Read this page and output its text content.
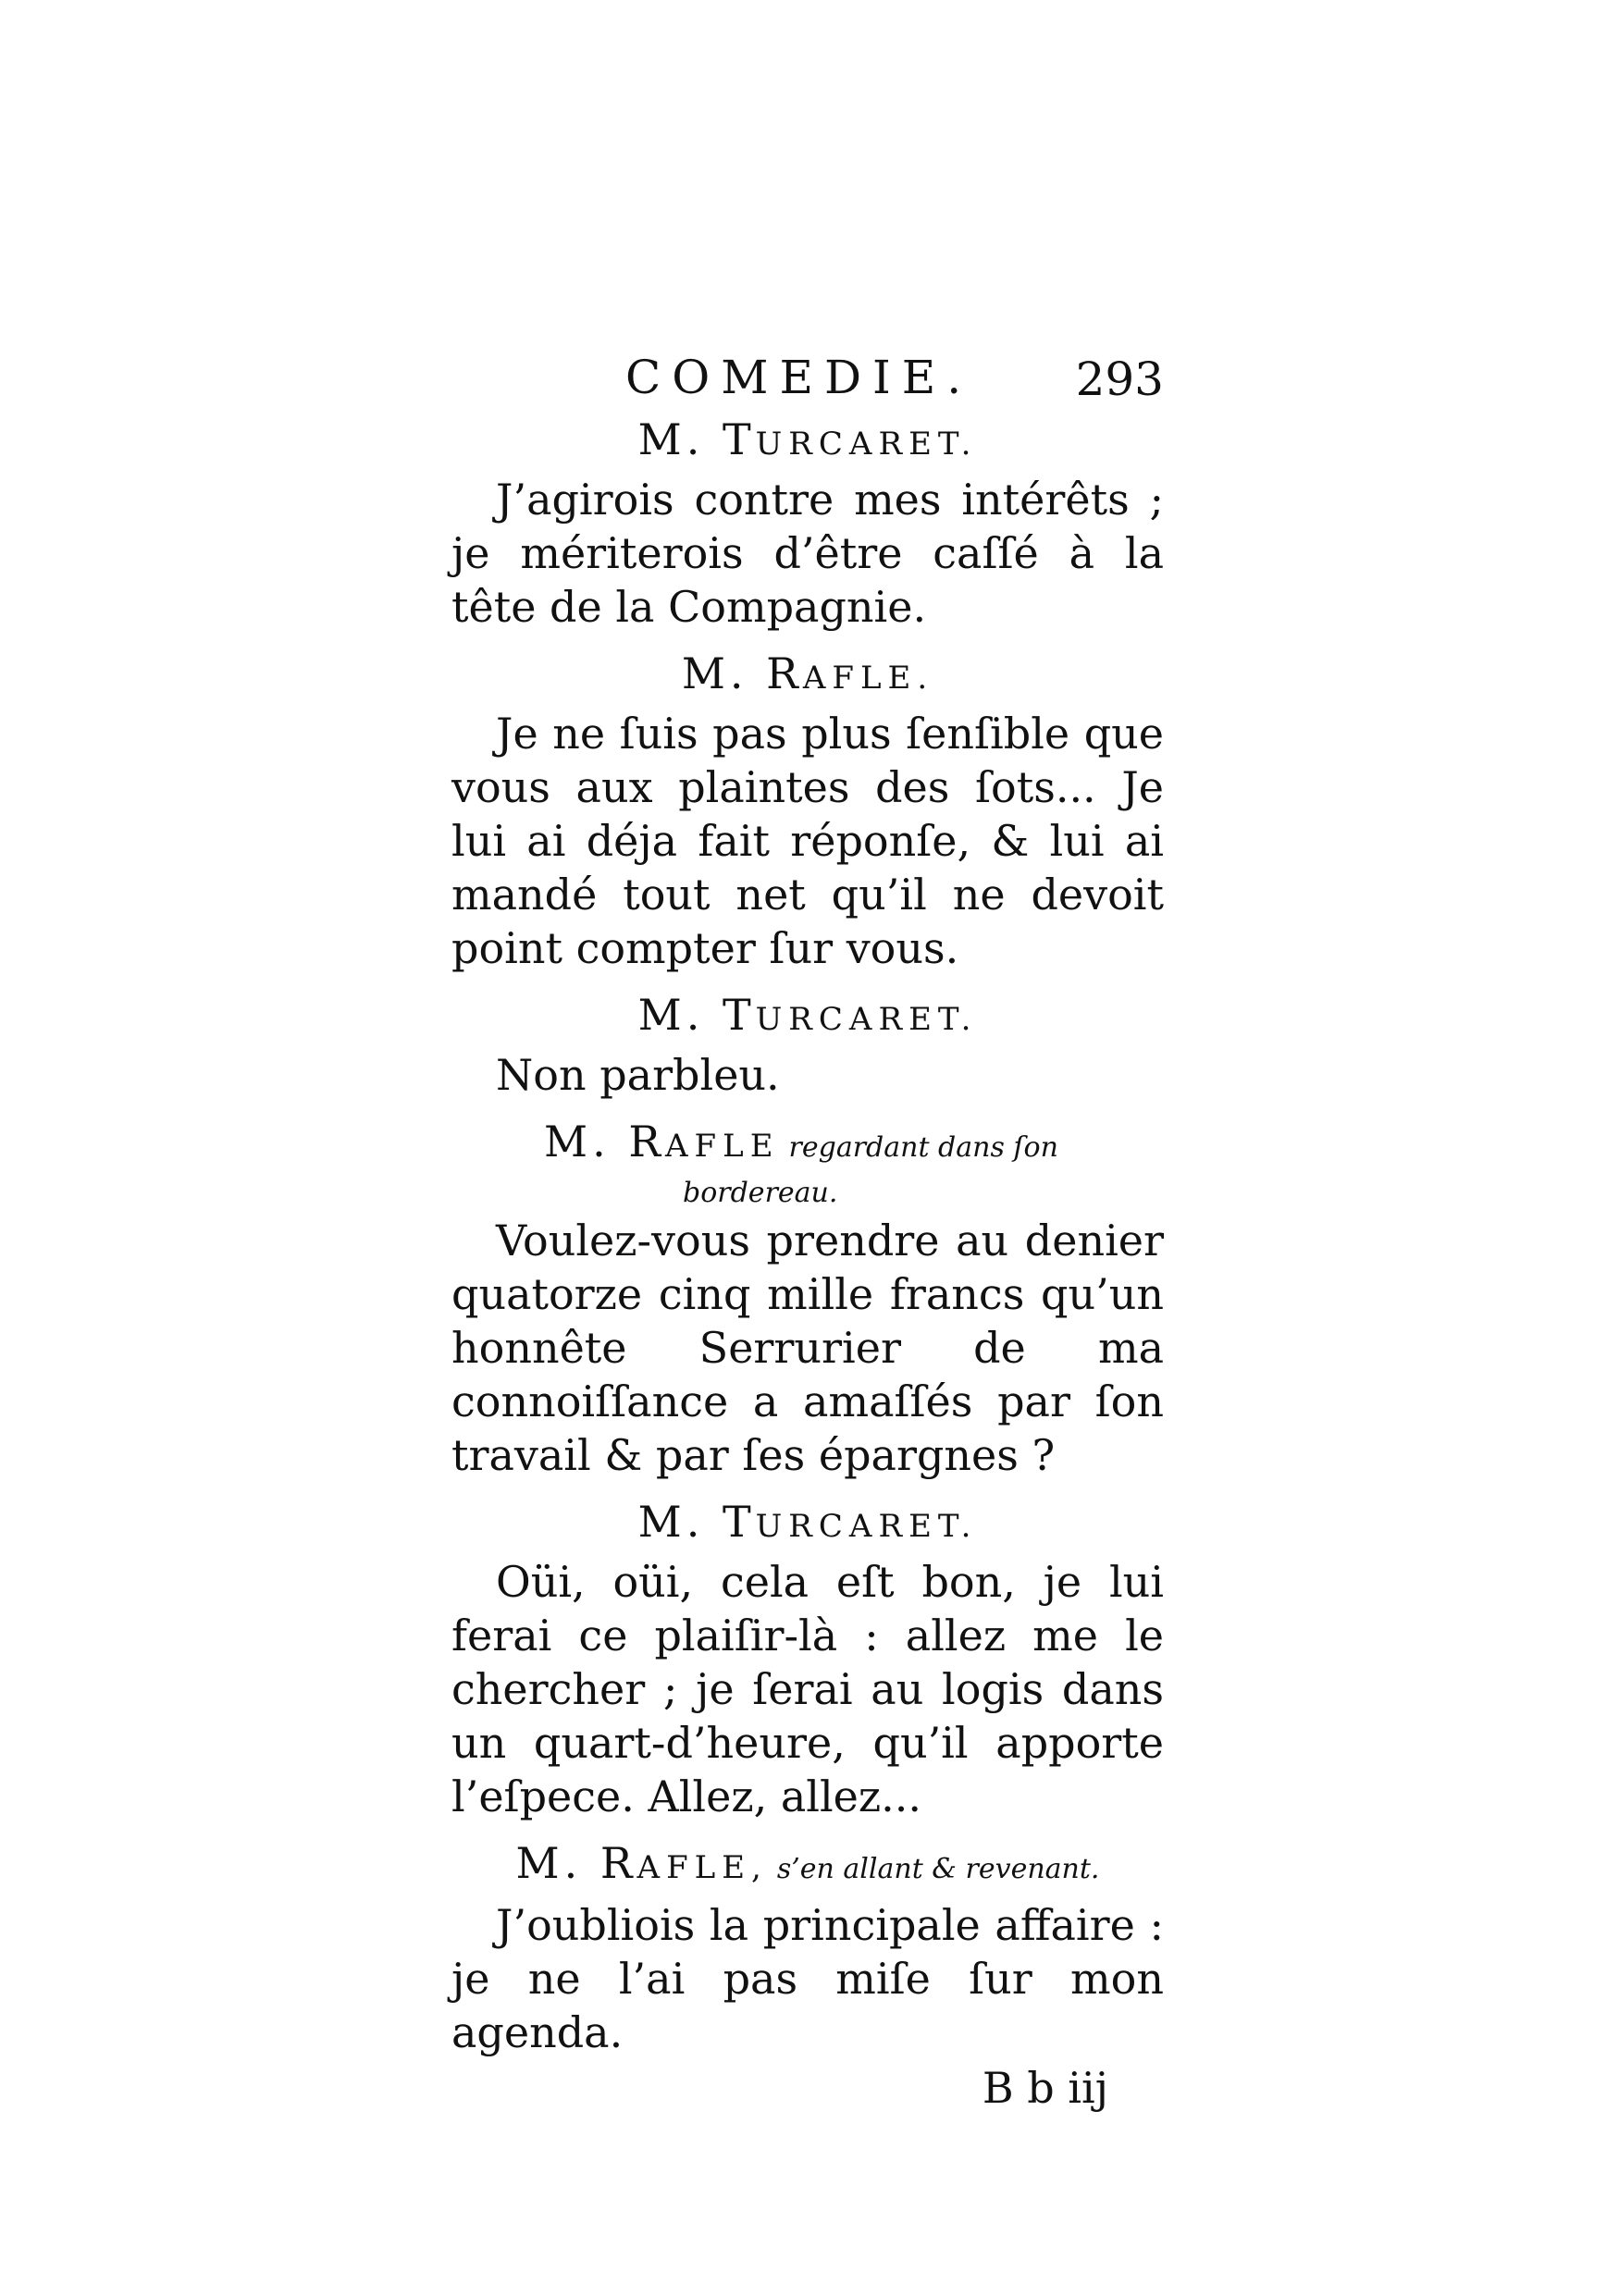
COMEDIE. 293
M. TURCARET.

J’agirois contre mes intérêts ; je mériterois d’être caſſé à la tête de la Compagnie.

M. RAFLE.

Je ne ſuis pas plus ſenſible que vous aux plaintes des ſots... Je lui ai déja fait réponſe, & lui ai mandé tout net qu’il ne devoit point compter ſur vous.

M. TURCARET.

Non parbleu.

M. RAFLE regardant dans ſon
bordereau.

Voulez-vous prendre au denier quatorze cinq mille francs qu’un honnête Serrurier de ma connoiſſance a amaſſés par ſon travail & par ſes épargnes ?

M. TURCARET.

Oüi, oüi, cela eſt bon, je lui ferai ce plaiſir-là : allez me le chercher ; je ſerai au logis dans un quart-d’heure, qu’il apporte l’eſpece. Allez, allez...

M. RAFLE, s’en allant & revenant.

J’oubliois la principale affaire : je ne l’ai pas miſe ſur mon agenda.

B b iij
